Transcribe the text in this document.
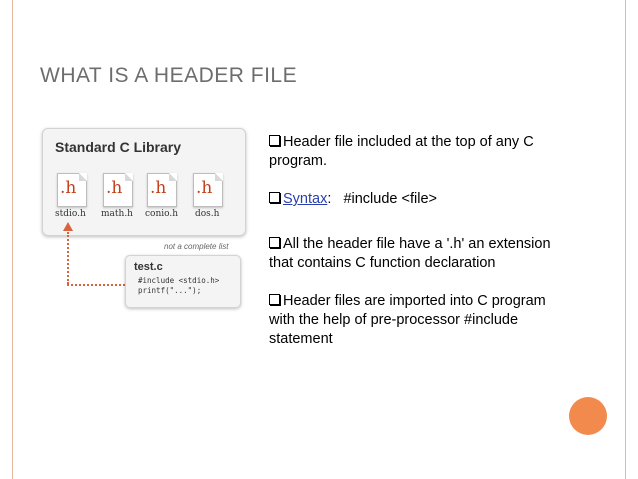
WHAT IS A HEADER FILE
Standard C Library
.h .h .h .h
stdio.h math.h conio.h dos.h
not a complete list
test.c
#include <stdio.h>
printf("...");
Header file included at the top of any C program.
Syntax:   #include <file>
All the header file have a '.h' an extension that contains C function declaration
Header files are imported into C program with the help of pre-processor #include statement
